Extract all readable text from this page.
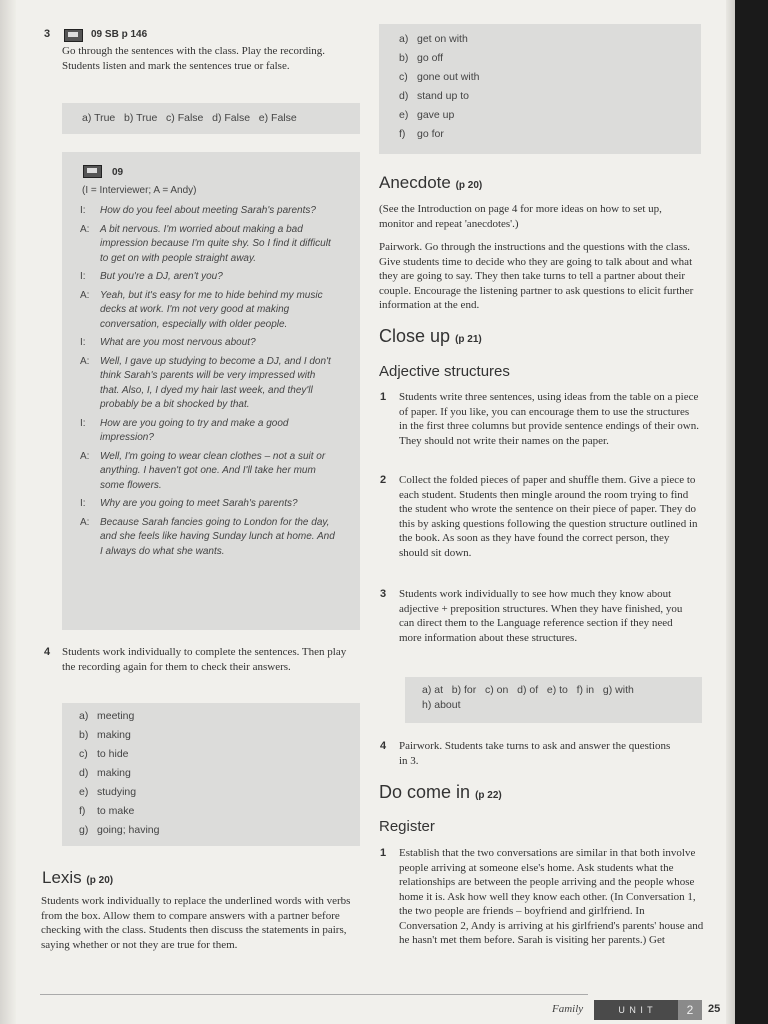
3	09 SB p 146
Go through the sentences with the class. Play the recording. Students listen and mark the sentences true or false.
a) True   b) True   c) False   d) False   e) False
09
(I = Interviewer; A = Andy)
I: How do you feel about meeting Sarah's parents?
A: A bit nervous. I'm worried about making a bad impression because I'm quite shy. So I find it difficult to get on with people straight away.
I: But you're a DJ, aren't you?
A: Yeah, but it's easy for me to hide behind my music decks at work. I'm not very good at making conversation, especially with older people.
I: What are you most nervous about?
A: Well, I gave up studying to become a DJ, and I don't think Sarah's parents will be very impressed with that. Also, I, I dyed my hair last week, and they'll probably be a bit shocked by that.
I: How are you going to try and make a good impression?
A: Well, I'm going to wear clean clothes – not a suit or anything. I haven't got one. And I'll take her mum some flowers.
I: Why are you going to meet Sarah's parents?
A: Because Sarah fancies going to London for the day, and she feels like having Sunday lunch at home. And I always do what she wants.
4 Students work individually to complete the sentences. Then play the recording again for them to check their answers.
a) meeting
b) making
c) to hide
d) making
e) studying
f) to make
g) going; having
Lexis (p 20)
Students work individually to replace the underlined words with verbs from the box. Allow them to compare answers with a partner before checking with the class. Students then discuss the statements in pairs, saying whether or not they are true for them.
a) get on with
b) go off
c) gone out with
d) stand up to
e) gave up
f) go for
Anecdote (p 20)
(See the Introduction on page 4 for more ideas on how to set up, monitor and repeat 'anecdotes'.)
Pairwork. Go through the instructions and the questions with the class. Give students time to decide who they are going to talk about and what they are going to say. They then take turns to tell a partner about their couple. Encourage the listening partner to ask questions to elicit further information at the end.
Close up (p 21)
Adjective structures
1 Students write three sentences, using ideas from the table on a piece of paper. If you like, you can encourage them to use the structures in the first three columns but provide sentence endings of their own. They should not write their names on the paper.
2 Collect the folded pieces of paper and shuffle them. Give a piece to each student. Students then mingle around the room trying to find the student who wrote the sentence on their piece of paper. They do this by asking questions following the question structure outlined in the book. As soon as they have found the correct person, they should sit down.
3 Students work individually to see how much they know about adjective + preposition structures. When they have finished, you can direct them to the Language reference section if they need more information about these structures.
a) at   b) for   c) on   d) of   e) to   f) in   g) with
h) about
4 Pairwork. Students take turns to ask and answer the questions in 3.
Do come in (p 22)
Register
1 Establish that the two conversations are similar in that both involve people arriving at someone else's home. Ask students what the relationships are between the people arriving and the people whose home it is. Ask how well they know each other. (In Conversation 1, the two people are friends – boyfriend and girlfriend. In Conversation 2, Andy is arriving at his girlfriend's parents' house and he hasn't met them before. Sarah is visiting her parents.) Get
Family	U N I T	2	25
